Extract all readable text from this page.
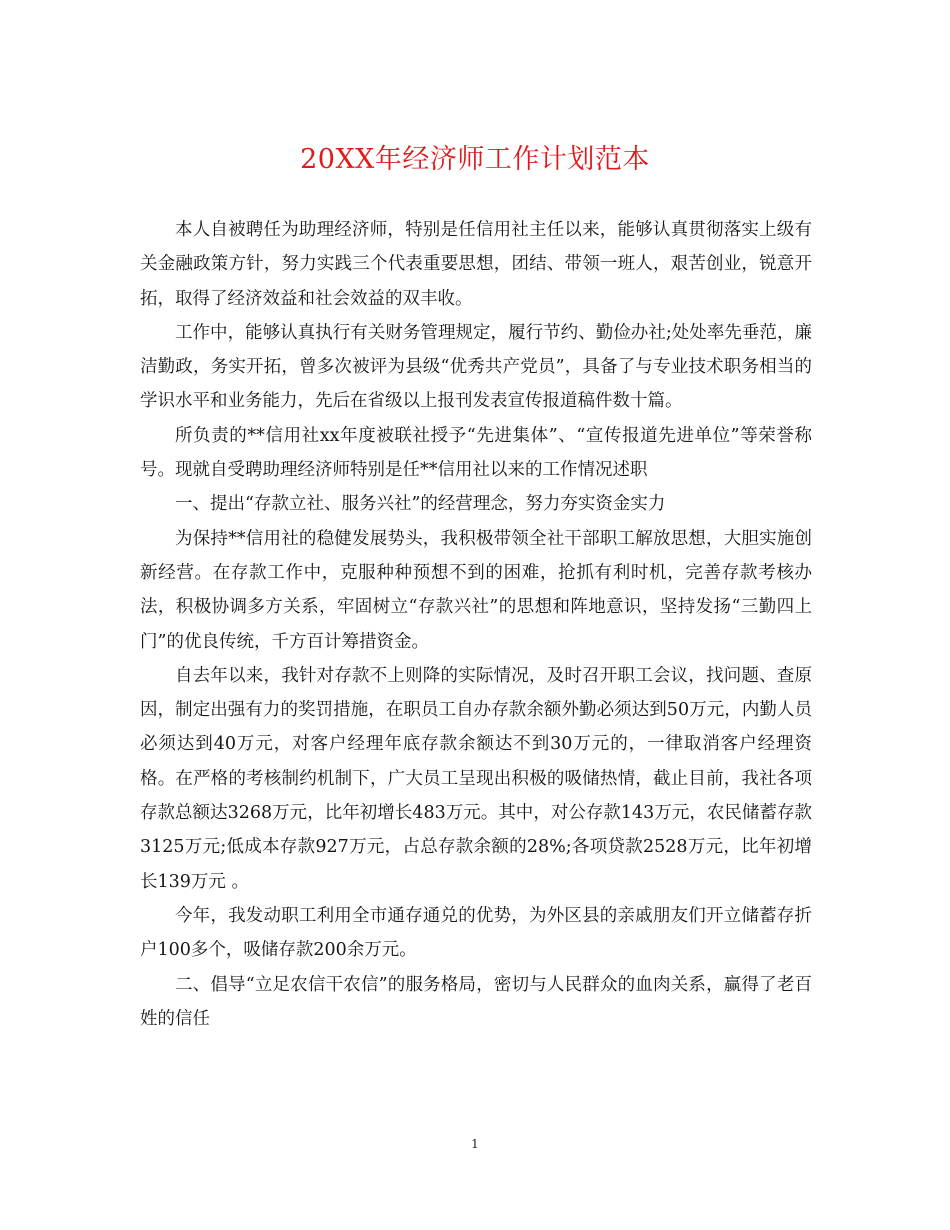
20XX年经济师工作计划范本

本人自被聘任为助理经济师，特别是任信用社主任以来，能够认真贯彻落实上级有关金融政策方针，努力实践三个代表重要思想，团结、带领一班人，艰苦创业，锐意开拓，取得了经济效益和社会效益的双丰收。

工作中，能够认真执行有关财务管理规定，履行节约、勤俭办社;处处率先垂范，廉洁勤政，务实开拓，曾多次被评为县级“优秀共产党员”，具备了与专业技术职务相当的学识水平和业务能力，先后在省级以上报刊发表宣传报道稿件数十篇。

所负责的**信用社xx年度被联社授予“先进集体”、“宣传报道先进单位”等荣誉称号。现就自受聘助理经济师特别是任**信用社以来的工作情况述职

一、提出“存款立社、服务兴社”的经营理念，努力夯实资金实力

为保持**信用社的稳健发展势头，我积极带领全社干部职工解放思想，大胆实施创新经营。在存款工作中，克服种种预想不到的困难，抢抓有利时机，完善存款考核办法，积极协调多方关系，牢固树立“存款兴社”的思想和阵地意识，坚持发扬“三勤四上门”的优良传统，千方百计筹措资金。

自去年以来，我针对存款不上则降的实际情况，及时召开职工会议，找问题、查原因，制定出强有力的奖罚措施，在职员工自办存款余额外勤必须达到50万元，内勤人员必须达到40万元，对客户经理年底存款余额达不到30万元的，一律取消客户经理资格。在严格的考核制约机制下，广大员工呈现出积极的吸储热情，截止目前，我社各项存款总额达3268万元，比年初增长483万元。其中，对公存款143万元，农民储蓄存款3125万元;低成本存款927万元，占总存款余额的28%;各项贷款2528万元，比年初增长139万元 。

今年，我发动职工利用全市通存通兑的优势，为外区县的亲戚朋友们开立储蓄存折户100多个，吸储存款200余万元。

二、倡导“立足农信干农信”的服务格局，密切与人民群众的血肉关系，赢得了老百姓的信任

1
